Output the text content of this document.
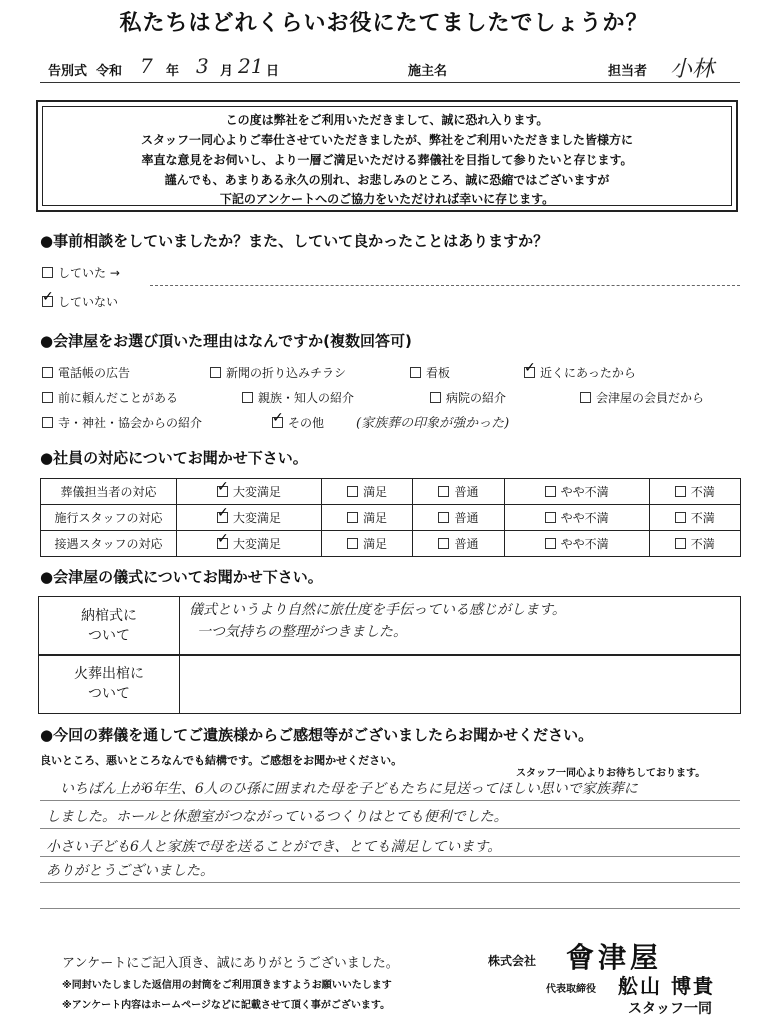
私たちはどれくらいお役にたてましたでしょうか？
告別式 令和 7 年 3 月 21 日	施主名	担当者 小林
この度は弊社をご利用いただきまして、誠に恐れ入ります。
スタッフ一同心よりご奉仕させていただきましたが、弊社をご利用いただきました皆様方に
率直な意見をお伺いし、より一層ご満足いただける葬儀社を目指して参りたいと存じます。
謹んでも、あまりある永久の別れ、お悲しみのところ、誠に恐縮ではございますが
下記のアンケートへのご協力をいただければ幸いに存じます。
●事前相談をしていましたか？また、していて良かったことはありますか？
していた →
✓していない
●会津屋をお選び頂いた理由はなんですか(複数回答可)
電話帳の広告	新聞の折り込みチラシ	看板 ✓	近くにあったから
前に頼んだことがある	親族・知人の紹介	病院の紹介	会津屋の会員だから
寺・神社・協会からの紹介 ✓	その他 (家族葬の印象が強かった)
●社員の対応についてお聞かせ下さい。
葬儀担当者の対応	✓大変満足	満足	普通	やや不満	不満
施行スタッフの対応	✓大変満足	満足	普通	やや不満	不満
接遇スタッフの対応	✓大変満足	満足	普通	やや不満	不満
●会津屋の儀式についてお聞かせ下さい。
納棺式に
ついて
儀式というより自然に旅仕度を手伝っている感じがします。
一つ気持ちの整理がつきました。
火葬出棺に
ついて
●今回の葬儀を通してご遺族様からご感想等がございましたらお聞かせください。
良いところ、悪いところなんでも結構です。ご感想をお聞かせください。
スタッフ一同心よりお待ちしております。
いちばん上が6年生、6人のひ孫に囲まれた母を子どもたちに見送ってほしい思いで家族葬に
しました。ホールと休憩室がつながっているつくりはとても便利でした。
小さい子ども6人と家族で母を送ることができ、とても満足しています。
ありがとうございました。
アンケートにご記入頂き、誠にありがとうございました。
※同封いたしました返信用の封筒をご利用頂きますようお願いいたします
※アンケート内容はホームページなどに記載させて頂く事がございます。
株式会社 會津屋
代表取締役 舩山 博貴
スタッフ一同
